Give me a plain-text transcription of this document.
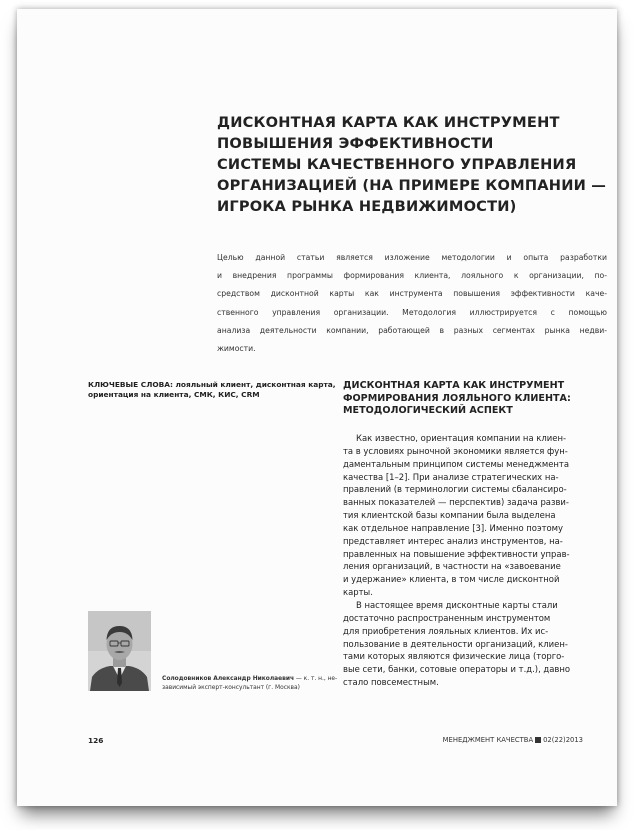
ДИСКОНТНАЯ КАРТА КАК ИНСТРУМЕНТ
ПОВЫШЕНИЯ ЭФФЕКТИВНОСТИ
СИСТЕМЫ КАЧЕСТВЕННОГО УПРАВЛЕНИЯ
ОРГАНИЗАЦИЕЙ (НА ПРИМЕРЕ КОМПАНИИ —
ИГРОКА РЫНКА НЕДВИЖИМОСТИ)
Целью данной статьи является изложение методологии и опыта разработки
и внедрения программы формирования клиента, лояльного к организации, по-
средством дисконтной карты как инструмента повышения эффективности каче-
ственного управления организации. Методология иллюстрируется с помощью
анализа деятельности компании, работающей в разных сегментах рынка недви-
жимости.
КЛЮЧЕВЫЕ СЛОВА: лояльный клиент, дисконтная карта,
ориентация на клиента, СМК, КИС, CRM
ДИСКОНТНАЯ КАРТА КАК ИНСТРУМЕНТ
ФОРМИРОВАНИЯ ЛОЯЛЬНОГО КЛИЕНТА:
МЕТОДОЛОГИЧЕСКИЙ АСПЕКТ
Как известно, ориентация компании на клиен-
та в условиях рыночной экономики является фун-
даментальным принципом системы менеджмента
качества [1–2]. При анализе стратегических на-
правлений (в терминологии системы сбалансиро-
ванных показателей — перспектив) задача разви-
тия клиентской базы компании была выделена
как отдельное направление [3]. Именно поэтому
представляет интерес анализ инструментов, на-
правленных на повышение эффективности управ-
ления организаций, в частности на «завоевание
и удержание» клиента, в том числе дисконтной
карты.
В настоящее время дисконтные карты стали
достаточно распространенным инструментом
для приобретения лояльных клиентов. Их ис-
пользование в деятельности организаций, клиен-
тами которых являются физические лица (торго-
вые сети, банки, сотовые операторы и т.д.), давно
стало повсеместным.
Солодовников Александр Николаевич — к. т. н., не-
зависимый эксперт-консультант (г. Москва)
126	МЕНЕДЖМЕНТ КАЧЕСТВА 02(22)2013
